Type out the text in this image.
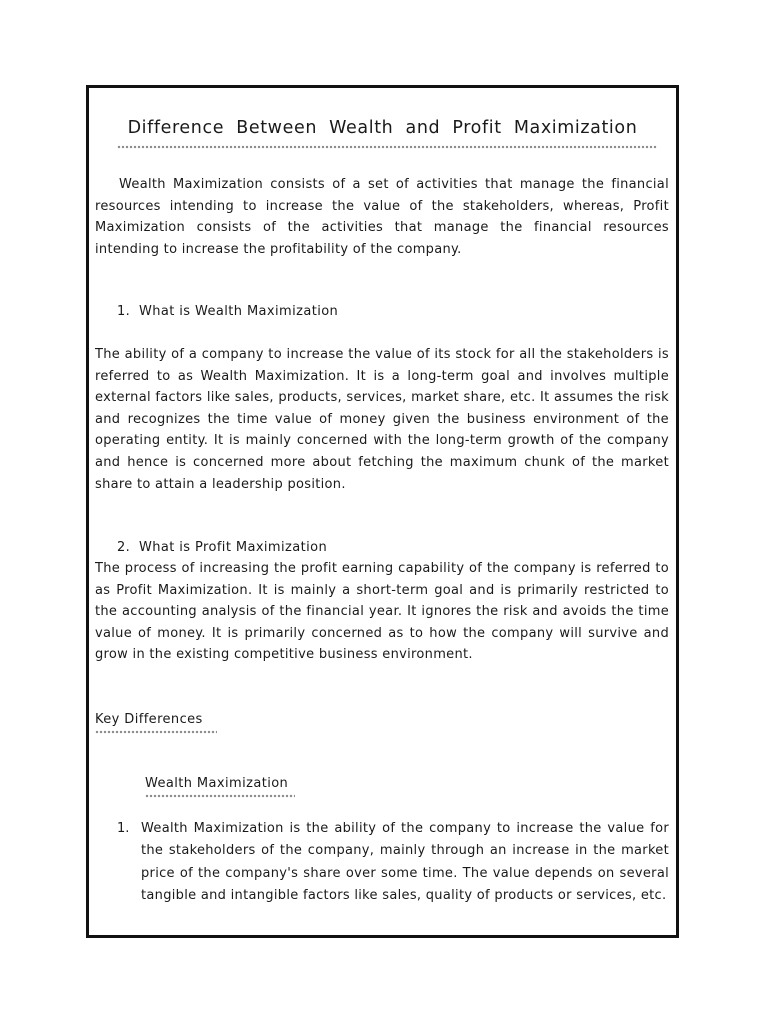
Difference Between Wealth and Profit Maximization

Wealth Maximization consists of a set of activities that manage the financial resources intending to increase the value of the stakeholders, whereas, Profit Maximization consists of the activities that manage the financial resources intending to increase the profitability of the company.

1. What is Wealth Maximization

The ability of a company to increase the value of its stock for all the stakeholders is referred to as Wealth Maximization. It is a long-term goal and involves multiple external factors like sales, products, services, market share, etc. It assumes the risk and recognizes the time value of money given the business environment of the operating entity. It is mainly concerned with the long-term growth of the company and hence is concerned more about fetching the maximum chunk of the market share to attain a leadership position.

2. What is Profit Maximization

The process of increasing the profit earning capability of the company is referred to as Profit Maximization. It is mainly a short-term goal and is primarily restricted to the accounting analysis of the financial year. It ignores the risk and avoids the time value of money. It is primarily concerned as to how the company will survive and grow in the existing competitive business environment.

Key Differences
Wealth Maximization
1. Wealth Maximization is the ability of the company to increase the value for the stakeholders of the company, mainly through an increase in the market price of the company's share over some time. The value depends on several tangible and intangible factors like sales, quality of products or services, etc.
